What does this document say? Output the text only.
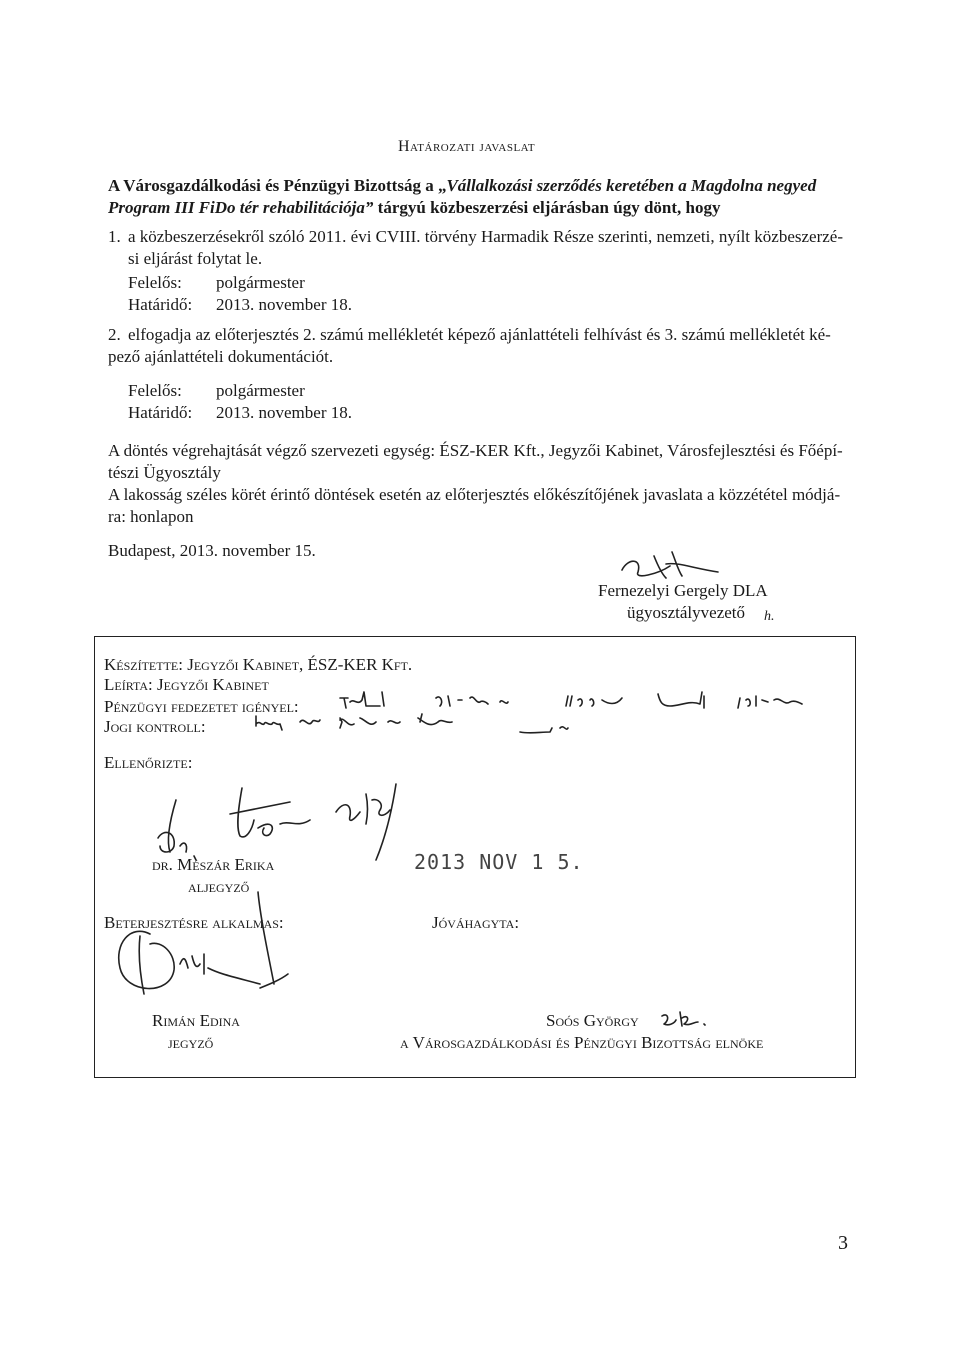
Határozati javaslat
A Városgazdálkodási és Pénzügyi Bizottság a „Vállalkozási szerződés keretében a Magdolna negyed
Program III FiDo tér rehabilitációja” tárgyú közbeszerzési eljárásban úgy dönt, hogy
1. a közbeszerzésekről szóló 2011. évi CVIII. törvény Harmadik Része szerinti, nemzeti, nyílt közbeszerzé-
si eljárást folytat le.
Felelős: polgármester
Határidő: 2013. november 18.
2. elfogadja az előterjesztés 2. számú mellékletét képező ajánlattételi felhívást és 3. számú mellékletét ké-
pező ajánlattételi dokumentációt.
Felelős: polgármester
Határidő: 2013. november 18.
A döntés végrehajtását végző szervezeti egység: ÉSZ-KER Kft., Jegyzői Kabinet, Városfejlesztési és Főépí-
tészi Ügyosztály
A lakosság széles körét érintő döntések esetén az előterjesztés előkészítőjének javaslata a közzététel módjá-
ra: honlapon
Budapest, 2013. november 15.
Fernezelyi Gergely DLA
ügyosztályvezető h.
Készítette: Jegyzői Kabinet, ÉSZ-KER Kft.
Leírta: Jegyzői Kabinet
Pénzügyi fedezetet igényel:
Jogi kontroll:
Ellenőrizte:
dr. Mészár Erika
aljegyző
2013 NOV 1 5.
Beterjesztésre alkalmas:	Jóváhagyta:
Rimán Edina
jegyző
Soós György
a Városgazdálkodási és Pénzügyi Bizottság elnöke
3
